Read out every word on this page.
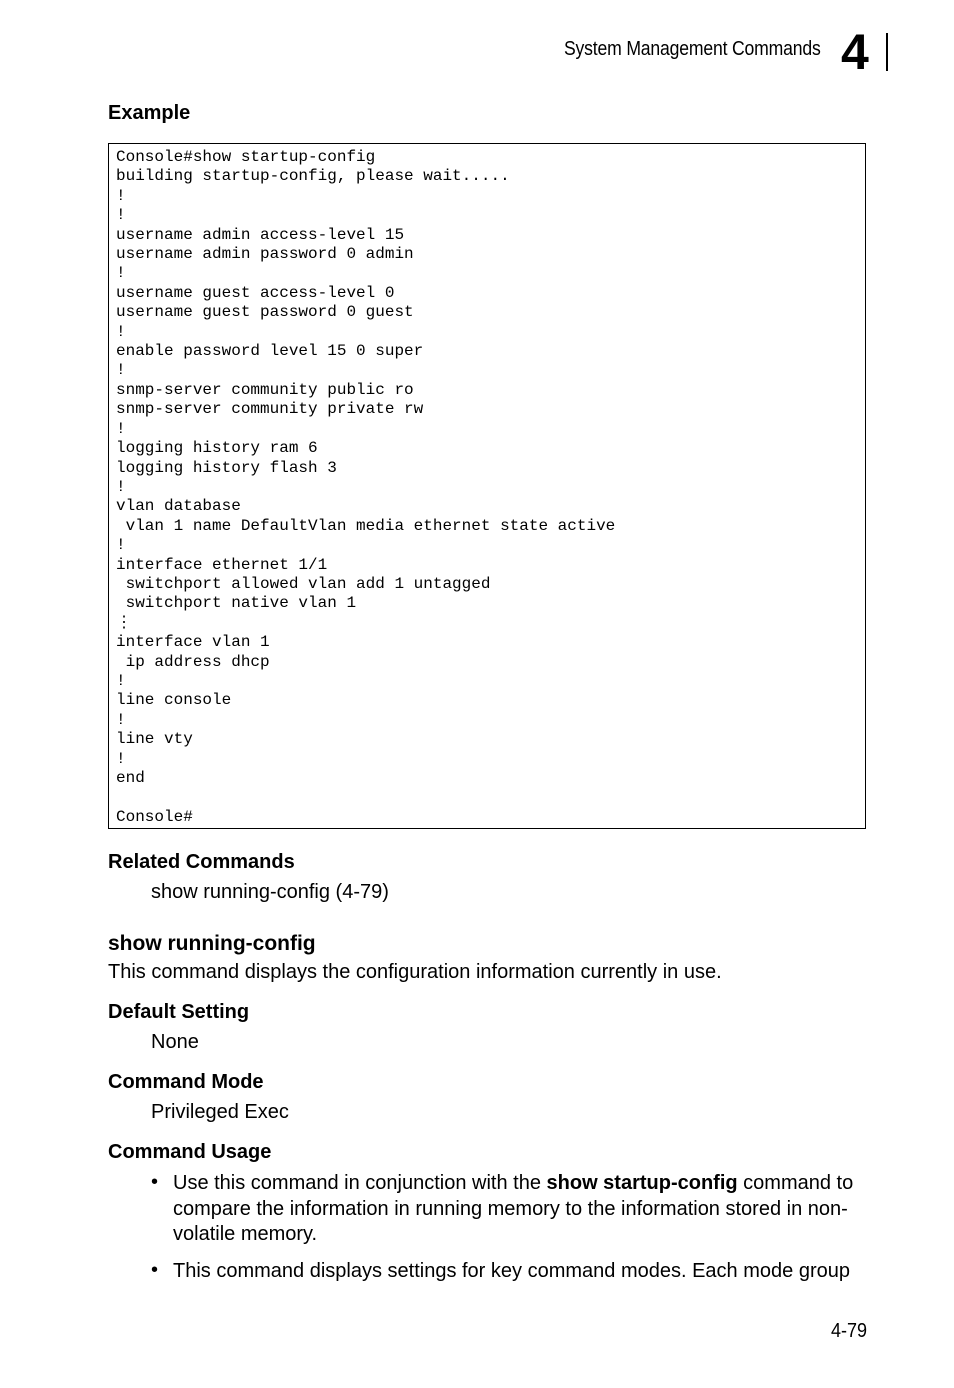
System Management Commands 4
Example
Console#show startup-config
building startup-config, please wait.....
!
!
username admin access-level 15
username admin password 0 admin
!
username guest access-level 0
username guest password 0 guest
!
enable password level 15 0 super
!
snmp-server community public ro
snmp-server community private rw
!
logging history ram 6
logging history flash 3
!
vlan database
vlan 1 name DefaultVlan media ethernet state active
!
interface ethernet 1/1
switchport allowed vlan add 1 untagged
switchport native vlan 1
⋮
interface vlan 1
ip address dhcp
!
line console
!
line vty
!
end

Console#
Related Commands
show running-config (4-79)
show running-config
This command displays the configuration information currently in use.
Default Setting
None
Command Mode
Privileged Exec
Command Usage
• Use this command in conjunction with the show startup-config command to compare the information in running memory to the information stored in non-volatile memory.
• This command displays settings for key command modes. Each mode group
4-79
